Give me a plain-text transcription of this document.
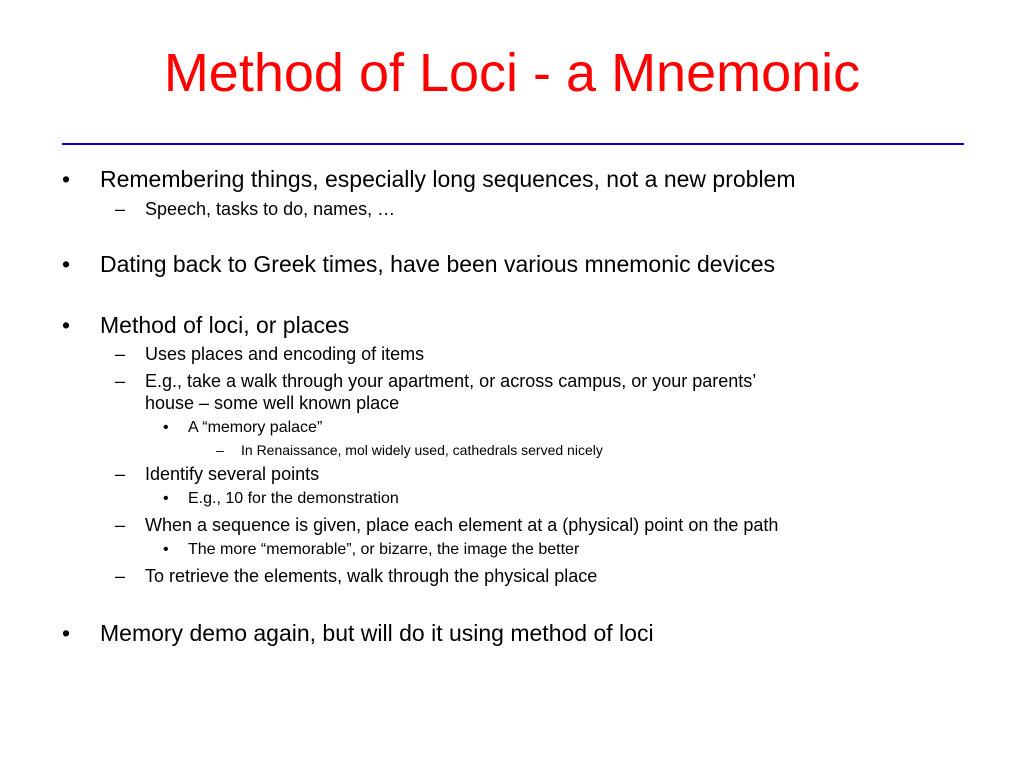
Method of Loci - a Mnemonic
• Remembering things, especially long sequences, not a new problem

– Speech, tasks to do, names, …

• Dating back to Greek times, have been various mnemonic devices

• Method of loci, or places

– Uses places and encoding of items

– E.g., take a walk through your apartment, or across campus, or your parents’

house – some well known place

• A “memory palace”

– In Renaissance, mol widely used, cathedrals served nicely

– Identify several points

• E.g., 10 for the demonstration

– When a sequence is given, place each element at a (physical) point on the path

• The more “memorable”, or bizarre, the image the better

– To retrieve the elements, walk through the physical place

• Memory demo again, but will do it using method of loci
